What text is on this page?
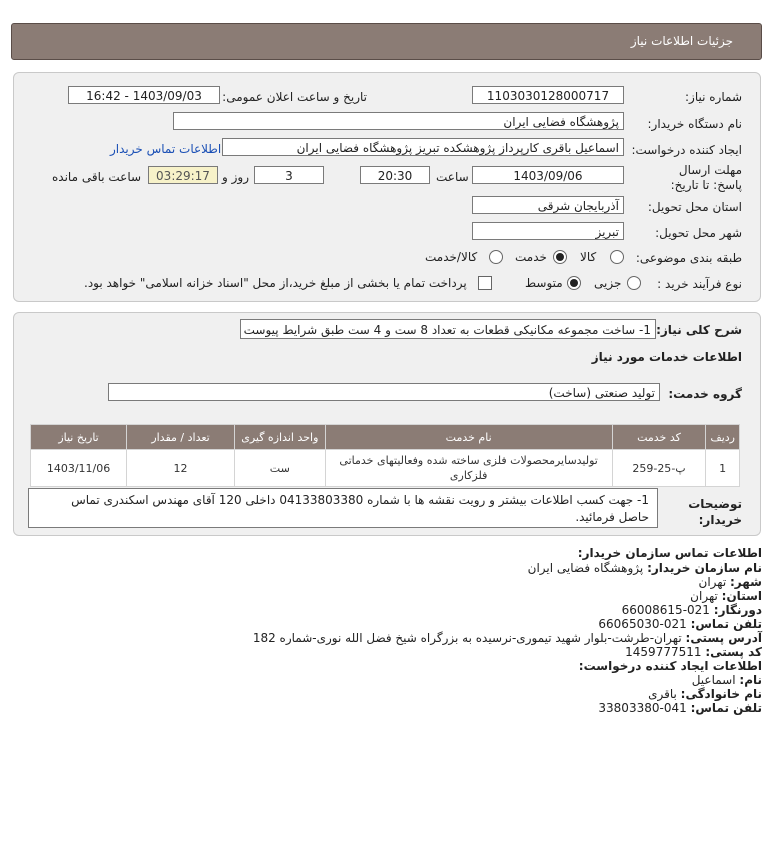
جزئیات اطلاعات نیاز
شماره نیاز:
1103030128000717
تاریخ و ساعت اعلان عمومی:
1403/09/03 - 16:42
نام دستگاه خریدار:
پژوهشگاه فضایی ایران
ایجاد کننده درخواست:
اسماعیل باقری کارپرداز پژوهشکده تبریز پژوهشگاه فضایی ایران
اطلاعات تماس خریدار
مهلت ارسال پاسخ: تا تاریخ:
1403/09/06
ساعت
20:30
3
روز و
03:29:17
ساعت باقی مانده
استان محل تحویل:
آذربایجان شرقی
شهر محل تحویل:
تبریز
طبقه بندی موضوعی:
کالا
خدمت
کالا/خدمت
نوع فرآیند خرید :
جزیی
متوسط
پرداخت تمام یا بخشی از مبلغ خرید،از محل "اسناد خزانه اسلامی" خواهد بود.
شرح کلی نیاز:
1- ساخت مجموعه مکانیکی قطعات به تعداد 8 ست و 4 ست طبق شرایط پیوست
اطلاعات خدمات مورد نیاز
گروه خدمت:
تولید صنعتی (ساخت)
ردیف	کد خدمت	نام خدمت	واحد اندازه گیری	تعداد / مقدار	تاریخ نیاز
1	پ-25-259	تولیدسایرمحصولات فلزی ساخته شده وفعالیتهای خدماتی فلزکاری	ست	12	1403/11/06
توضیحات خریدار:
1- جهت کسب اطلاعات بیشتر و رویت نقشه ها با شماره 04133803380 داخلی 120 آقای مهندس اسکندری تماس حاصل فرمائید.
اطلاعات تماس سازمان خریدار:
نام سازمان خریدار: پژوهشگاه فضایی ایران
شهر: تهران
استان: تهران
دورنگار: 021-66008615
تلفن تماس: 021-66065030
آدرس پستی: تهران-طرشت-بلوار شهید تیموری-نرسیده به بزرگراه شیخ فضل الله نوری-شماره 182
کد پستی: 1459777511
اطلاعات ایجاد کننده درخواست:
نام: اسماعیل
نام خانوادگی: باقری
تلفن تماس: 041-33803380
